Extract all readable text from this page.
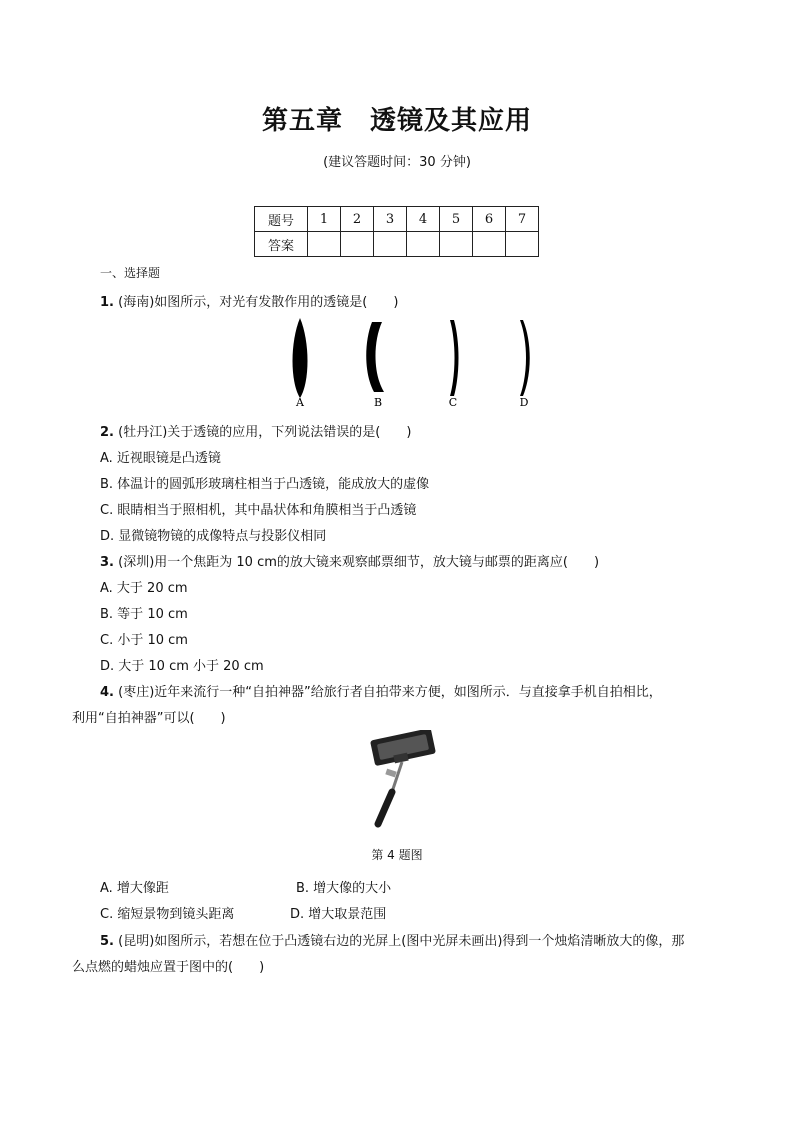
第五章　透镜及其应用
(建议答题时间：30 分钟)
题号	1	2	3	4	5	6	7
答案							
一、选择题
1. (海南)如图所示，对光有发散作用的透镜是(　　)
A	B	C	D
2. (牡丹江)关于透镜的应用，下列说法错误的是(　　)
A. 近视眼镜是凸透镜
B. 体温计的圆弧形玻璃柱相当于凸透镜，能成放大的虚像
C. 眼睛相当于照相机，其中晶状体和角膜相当于凸透镜
D. 显微镜物镜的成像特点与投影仪相同
3. (深圳)用一个焦距为 10 cm的放大镜来观察邮票细节，放大镜与邮票的距离应(　　)
A. 大于 20 cm
B. 等于 10 cm
C. 小于 10 cm
D. 大于 10 cm 小于 20 cm
4. (枣庄)近年来流行一种“自拍神器”给旅行者自拍带来方便，如图所示．与直接拿手机自拍相比，
利用“自拍神器”可以(　　)
第 4 题图
A. 增大像距	B. 增大像的大小
C. 缩短景物到镜头距离	D. 增大取景范围
5. (昆明)如图所示，若想在位于凸透镜右边的光屏上(图中光屏未画出)得到一个烛焰清晰放大的像，那
么点燃的蜡烛应置于图中的(　　)
